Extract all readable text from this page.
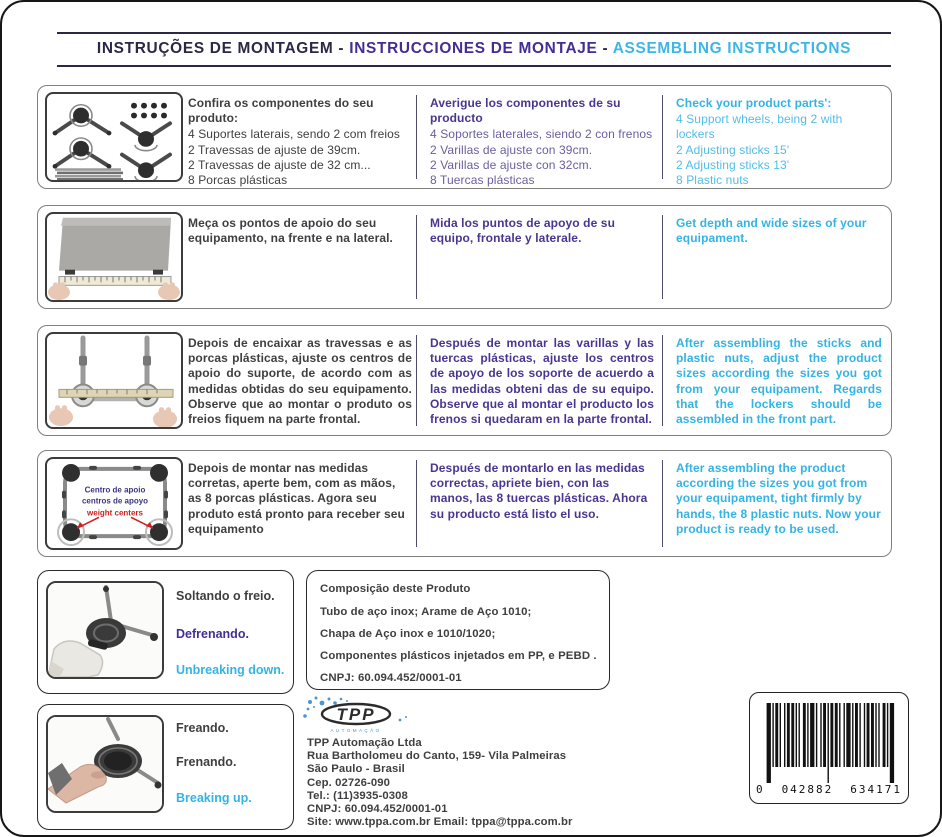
INSTRUÇÕES DE MONTAGEM - INSTRUCCIONES DE MONTAJE - ASSEMBLING INSTRUCTIONS
Confira os componentes do seu produto:
4 Suportes laterais, sendo 2 com freios
2 Travessas de ajuste de 39cm.
2 Travessas de ajuste de 32 cm...
8 Porcas plásticas
Averigue los componentes de su producto
4 Soportes laterales, siendo 2 con frenos
2 Varillas de ajuste con 39cm.
2 Varillas de ajuste con 32cm.
8 Tuercas plásticas
Check your product parts':
4 Support wheels, being 2 with lockers
2 Adjusting sticks 15'
2 Adjusting sticks 13'
8 Plastic nuts

Meça os pontos de apoio do seu equipamento, na frente e na lateral.

Mida los puntos de apoyo de su equipo, frontale y laterale.

Get depth and wide sizes of your equipament.

Depois de encaixar as travessas e as porcas plásticas, ajuste os centros de apoio do suporte, de acordo com as medidas obtidas do seu equipamento. Observe que ao montar o produto os freios fiquem na parte frontal.

Después de montar las varillas y las tuercas plásticas, ajuste los centros de apoyo de los soporte de acuerdo a las medidas obteni das de su equipo. Observe que al montar el producto los frenos si quedaram en la parte frontal.

After assembling the sticks and plastic nuts, adjust the product sizes according the sizes you got from your equipament. Regards that the lockers should be assembled in the front part.

Centro de apoio
centros de apoyo
weight centers

Depois de montar nas medidas corretas, aperte bem, com as mãos, as 8 porcas plásticas. Agora seu produto está pronto para receber seu equipamento

Después de montarlo en las medidas correctas, apriete bien, con las manos, las 8 tuercas plásticas. Ahora su producto está listo el uso.

After assembling the product according the sizes you got from your equipament, tight firmly by hands, the 8 plastic nuts. Now your product is ready to be used.

Soltando o freio.
Defrenando.
Unbreaking down.
Freando.
Frenando.
Breaking up.
Composição deste Produto
Tubo de aço inox; Arame de Aço 1010;
Chapa de Aço inox e 1010/1020;
Componentes plásticos injetados em PP, e PEBD .
CNPJ: 60.094.452/0001-01
TPP
AUTOMAÇÃO
TPP Automação Ltda
Rua Bartholomeu do Canto, 159- Vila Palmeiras
São Paulo - Brasil
Cep. 02726-090
Tel.: (11)3935-0308
CNPJ: 60.094.452/0001-01
Site: www.tppa.com.br Email: tppa@tppa.com.br
0 042882 634171
